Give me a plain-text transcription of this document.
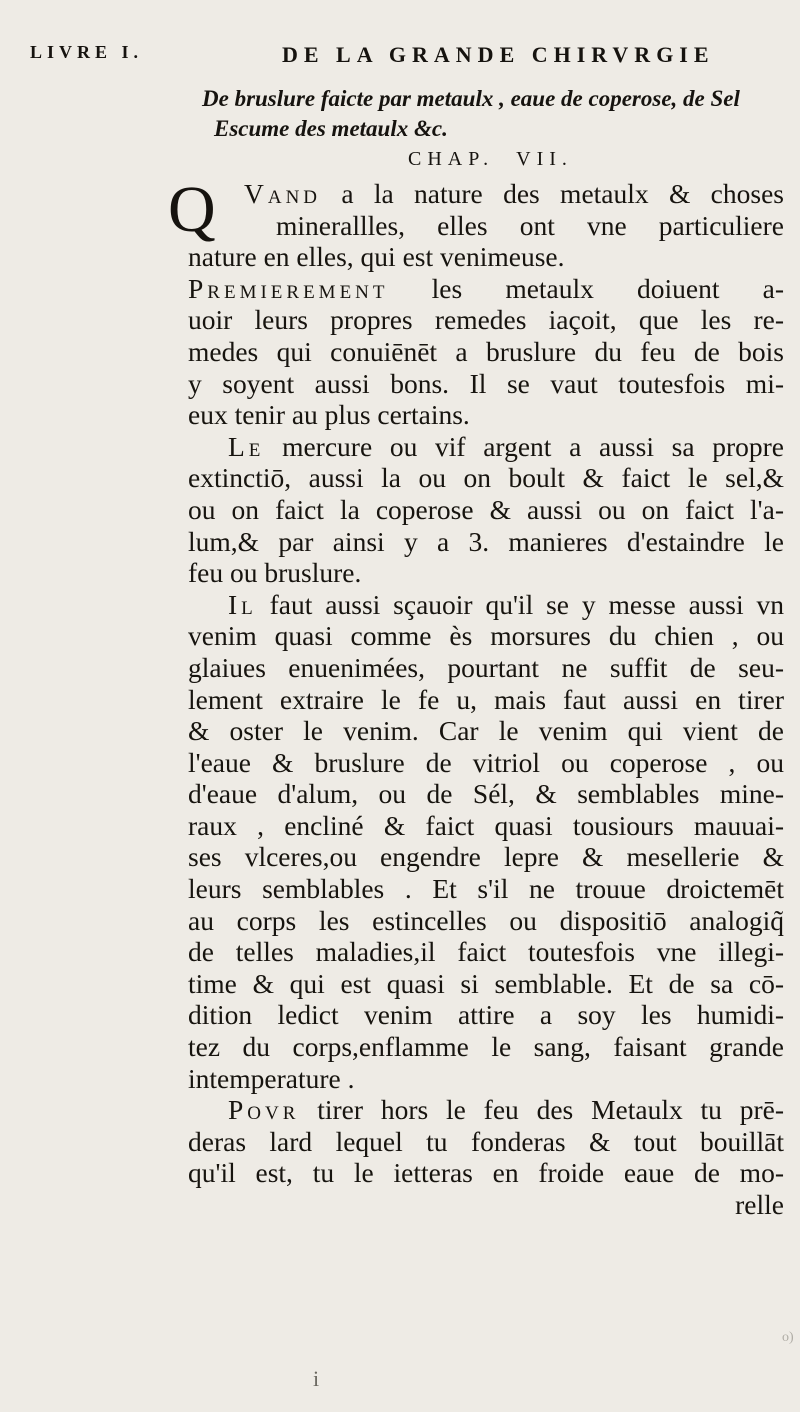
LIVRE I.	DE LA GRANDE CHIRVRGIE
De bruslure faicte par metaulx , eaue de coperose, de Sel
Escume des metaulx &c.
CHAP. VII.
Q	Vand a la nature des metaulx & choses
minerallles, elles ont vne particuliere
nature en elles, qui est venimeuse.
Premierement les metaulx doiuent a-
uoir leurs propres remedes iaçoit, que les re-
medes qui conuiēnēt a bruslure du feu de bois
y soyent aussi bons. Il se vaut toutesfois mi-
eux tenir au plus certains.
Le mercure ou vif argent a aussi sa propre
extinctiō, aussi la ou on boult & faict le sel,&
ou on faict la coperose & aussi ou on faict l'a-
lum,& par ainsi y a 3. manieres d'estaindre le
feu ou bruslure.
Il faut aussi sçauoir qu'il se y messe aussi vn
venim quasi comme ès morsures du chien , ou
glaiues enuenimées, pourtant ne suffit de seu-
lement extraire le fe u, mais faut aussi en tirer
& oster le venim. Car le venim qui vient de
l'eaue & bruslure de vitriol ou coperose , ou
d'eaue d'alum, ou de Sél, & semblables mine-
raux , encliné & faict quasi tousiours mauuai-
ses vlceres,ou engendre lepre & mesellerie &
leurs semblables . Et s'il ne trouue droictemēt
au corps les estincelles ou dispositiō analogiq̃
de telles maladies,il faict toutesfois vne illegi-
time & qui est quasi si semblable. Et de sa cō-
dition ledict venim attire a soy les humidi-
tez du corps,enflamme le sang, faisant grande
intemperature .
Povr tirer hors le feu des Metaulx tu prē-
deras lard lequel tu fonderas & tout bouillāt
qu'il est, tu le ietteras en froide eaue de mo-
relle
o)
i
